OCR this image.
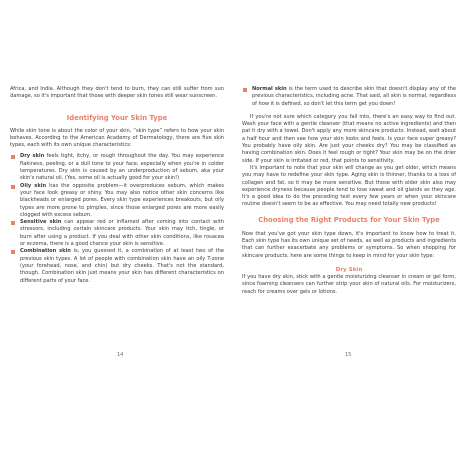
Africa, and India. Although they don't tend to burn, they can still suffer from sun damage, so it's important that those with deeper skin tones still wear sunscreen.

Identifying Your Skin Type

While skin tone is about the color of your skin, “skin type” refers to how your skin behaves. According to the American Academy of Dermatology, there are five skin types, each with its own unique characteristics:

Dry skin feels tight, itchy, or rough throughout the day. You may experience flakiness, peeling, or a dull tone to your face, especially when you're in colder temperatures. Dry skin is caused by an underproduction of sebum, aka your skin's natural oil. (Yes, some oil is actually good for your skin!)
Oily skin has the opposite problem—it overproduces sebum, which makes your face look greasy or shiny. You may also notice other skin concerns like blackheads or enlarged pores. Every skin type experiences breakouts, but oily types are more prone to pimples, since those enlarged pores are more easily clogged with excess sebum.
Sensitive skin can appear red or inflamed after coming into contact with stressors, including certain skincare products. Your skin may itch, tingle, or burn after using a product. If you deal with other skin conditions, like rosacea or eczema, there is a good chance your skin is sensitive.
Combination skin is, you guessed it, a combination of at least two of the previous skin types. A lot of people with combination skin have an oily T-zone (your forehead, nose, and chin) but dry cheeks. That's not the standard, though. Combination skin just means your skin has different characteristics on different parts of your face.
14
Normal skin is the term used to describe skin that doesn't display any of the previous characteristics, including acne. That said, all skin is normal, regardless of how it is defined, so don't let this term get you down!

If you're not sure which category you fall into, there's an easy way to find out. Wash your face with a gentle cleanser (that means no active ingredients) and then pat it dry with a towel. Don't apply any more skincare products. Instead, wait about a half hour and then see how your skin looks and feels. Is your face super greasy? You probably have oily skin. Are just your cheeks dry? You may be classified as having combination skin. Does it feel rough or tight? Your skin may be on the drier side. If your skin is irritated or red, that points to sensitivity.

It's important to note that your skin will change as you get older, which means you may have to redefine your skin type. Aging skin is thinner, thanks to a loss of collagen and fat, so it may be more sensitive. But those with older skin also may experience dryness because people tend to lose sweat and oil glands as they age. It's a good idea to do the preceding test every few years or when your skincare routine doesn't seem to be as effective. You may need totally new products!

Choosing the Right Products for Your Skin Type

Now that you've got your skin type down, it's important to know how to treat it. Each skin type has its own unique set of needs, as well as products and ingredients that can further exacerbate any problems or symptoms. So when shopping for skincare products, here are some things to keep in mind for your skin type:

Dry Skin

If you have dry skin, stick with a gentle moisturizing cleanser in cream or gel form, since foaming cleansers can further strip your skin of natural oils. For moisturizers, reach for creams over gels or lotions.

15
